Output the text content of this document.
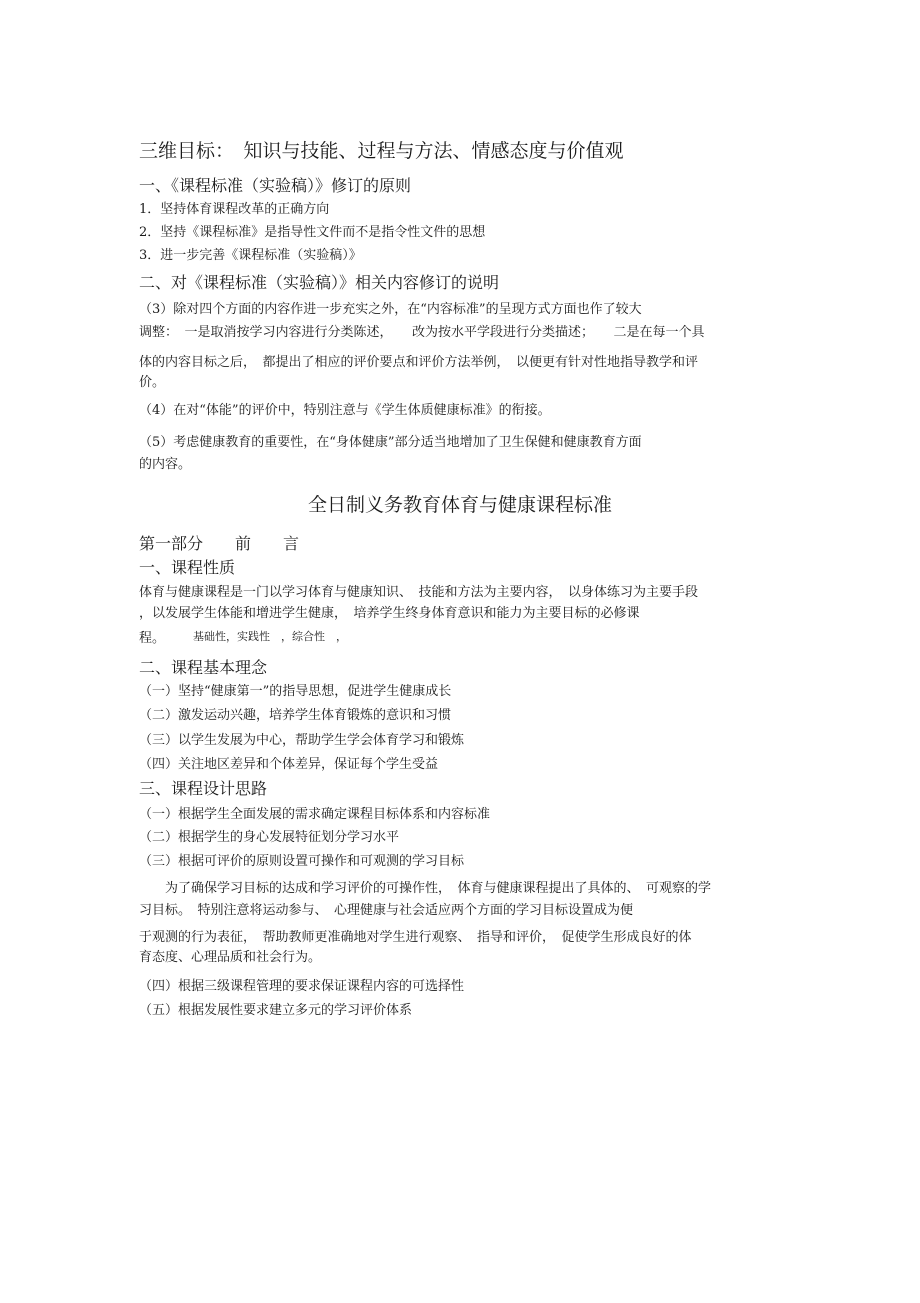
三维目标：　知识与技能、过程与方法、情感态度与价值观
一、《课程标准（实验稿）》修订的原则
1．坚持体育课程改革的正确方向
2．坚持《课程标准》是指导性文件而不是指令性文件的思想
3．进一步完善《课程标准（实验稿）》
二、对《课程标准（实验稿）》相关内容修订的说明
（3）除对四个方面的内容作进一步充实之外，在“内容标准”的呈现方式方面也作了较大
调整：　一是取消按学习内容进行分类陈述，　　改为按水平学段进行分类描述；　　二是在每一个具
体的内容目标之后，　都提出了相应的评价要点和评价方法举例，　以便更有针对性地指导教学和评
价。
（4）在对“体能”的评价中，特别注意与《学生体质健康标准》的衔接。
（5）考虑健康教育的重要性，在“身体健康”部分适当地增加了卫生保健和健康教育方面
的内容。
全日制义务教育体育与健康课程标准
第一部分　　前　　言
一、课程性质
体育与健康课程是一门以学习体育与健康知识、　技能和方法为主要内容，　以身体练习为主要手段
，以发展学生体能和增进学生健康，　培养学生终身体育意识和能力为主要目标的必修课
程。	基础性，实践性　，综合性　，
二、课程基本理念
（一）坚持“健康第一”的指导思想，促进学生健康成长
（二）激发运动兴趣，培养学生体育锻炼的意识和习惯
（三）以学生发展为中心，帮助学生学会体育学习和锻炼
（四）关注地区差异和个体差异，保证每个学生受益
三、课程设计思路
（一）根据学生全面发展的需求确定课程目标体系和内容标准
（二）根据学生的身心发展特征划分学习水平
（三）根据可评价的原则设置可操作和可观测的学习目标
　　为了确保学习目标的达成和学习评价的可操作性，　体育与健康课程提出了具体的、　可观察的学
习目标。　特别注意将运动参与、　心理健康与社会适应两个方面的学习目标设置成为便
于观测的行为表征，　帮助教师更准确地对学生进行观察、　指导和评价，　促使学生形成良好的体
育态度、心理品质和社会行为。
（四）根据三级课程管理的要求保证课程内容的可选择性
（五）根据发展性要求建立多元的学习评价体系
